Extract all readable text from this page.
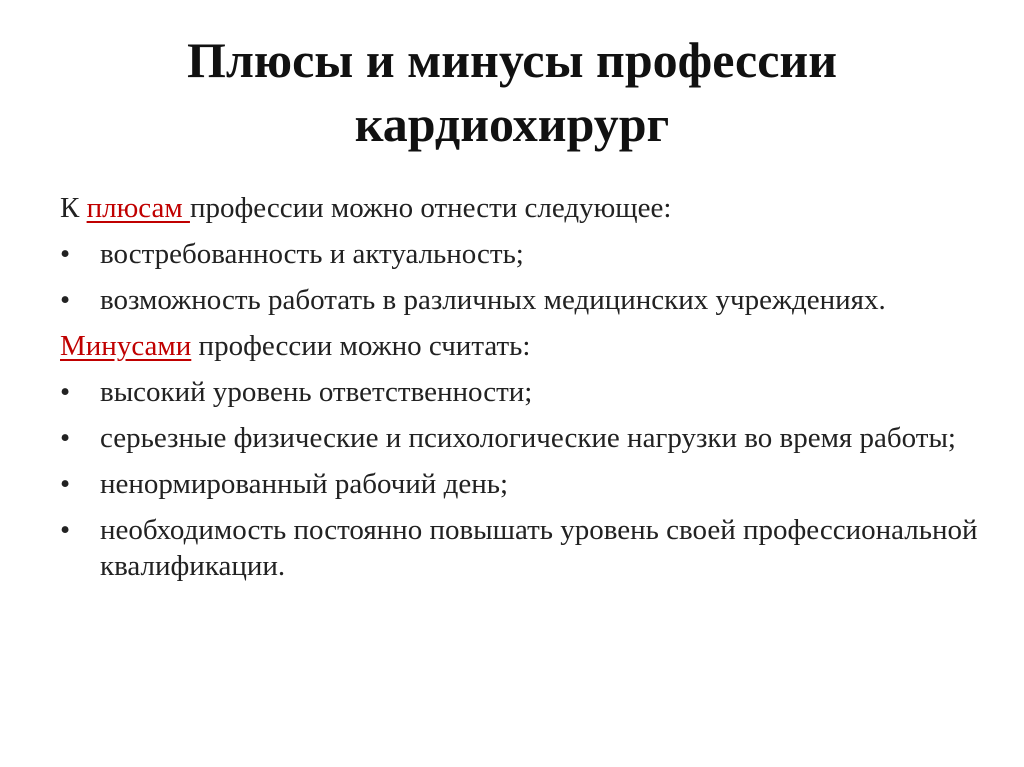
Плюсы и минусы профессии
кардиохирург

К плюсам профессии можно отнести следующее:

• востребованность и актуальность;
• возможность работать в различных медицинских учреждениях.

Минусами профессии можно считать:

• высокий уровень ответственности;
• серьезные физические и психологические нагрузки во время работы;
• ненормированный рабочий день;
• необходимость постоянно повышать уровень своей профессиональной квалификации.
